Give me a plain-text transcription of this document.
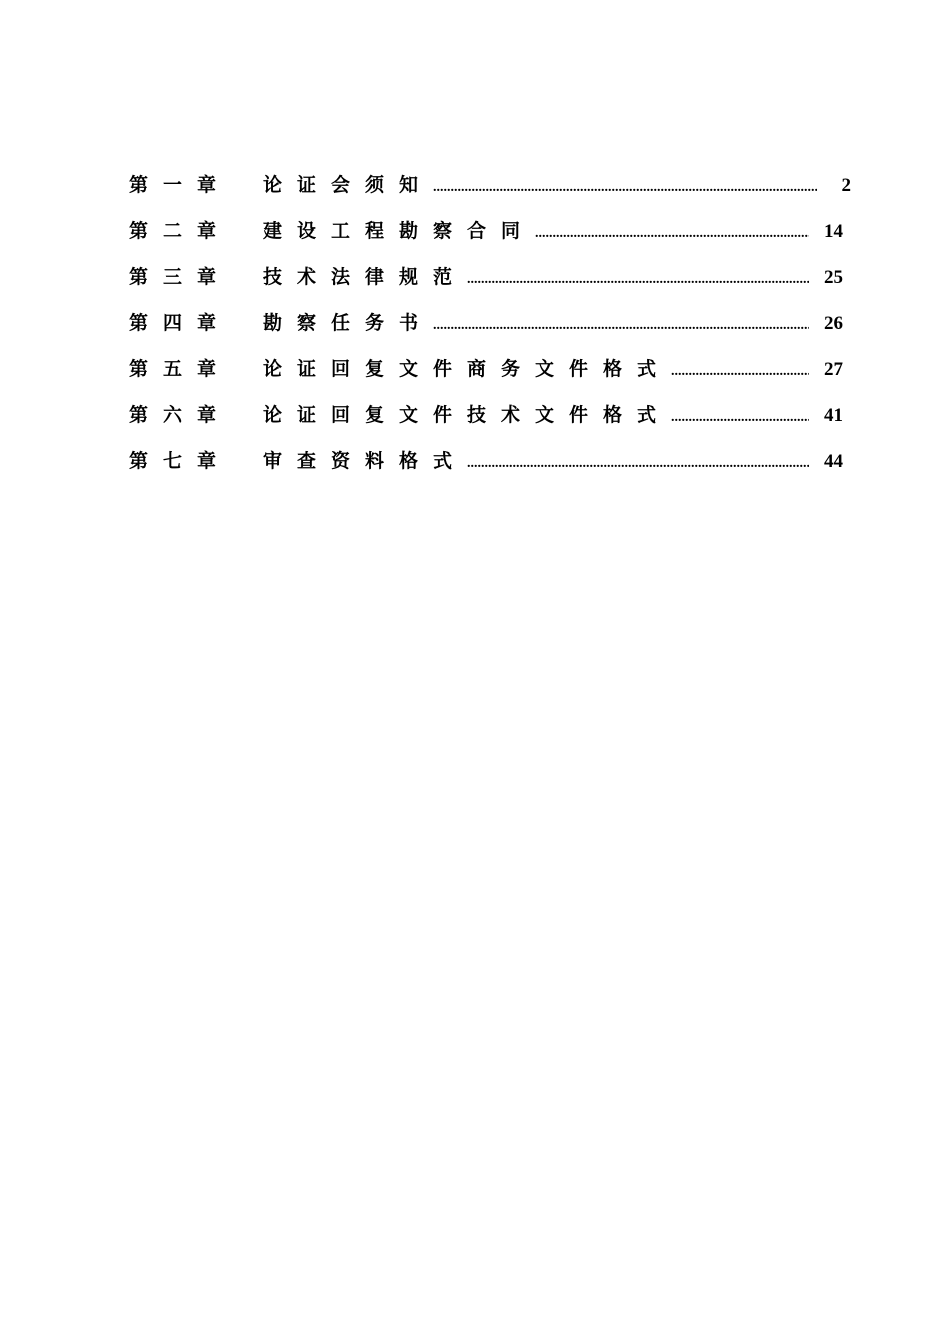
第一章	论证会须知 .....	2
第二章	建设工程勘察合同 .....	14
第三章	技术法律规范 .....	25
第四章	勘察任务书 .....	26
第五章	论证回复文件商务文件格式 .....	27
第六章	论证回复文件技术文件格式 .....	41
第七章	审查资料格式 .....	44
